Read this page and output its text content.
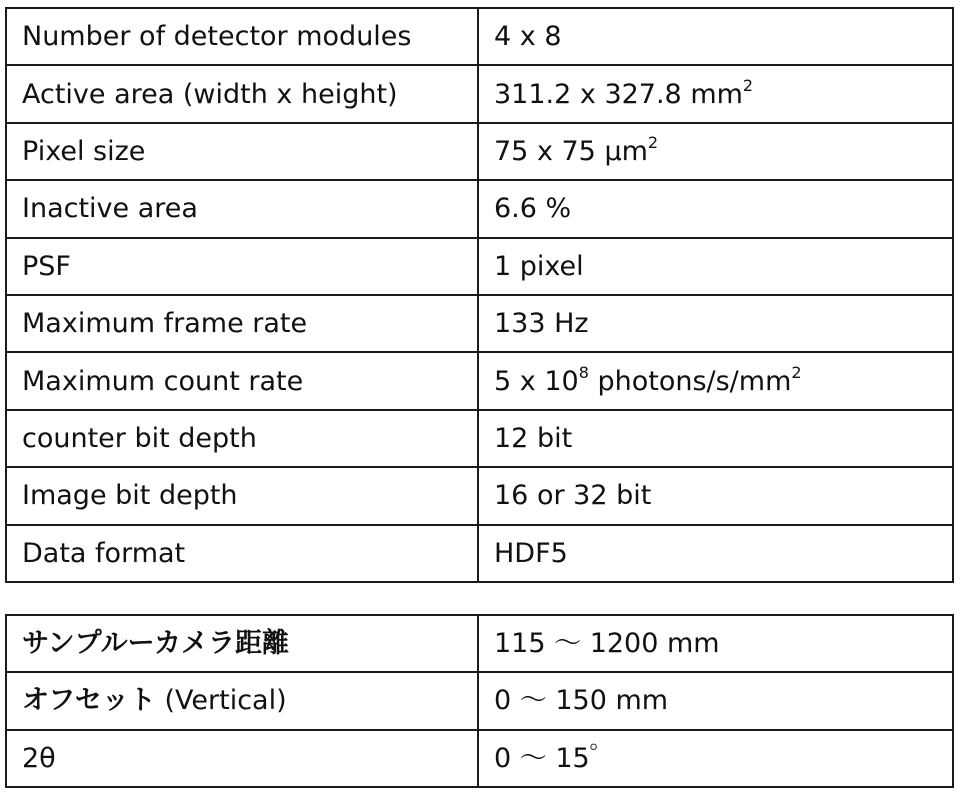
Number of detector modules	4 x 8
Active area (width x height)	311.2 x 327.8 $mm^2$
Pixel size	75 x 75 $\mu m^2$
Inactive area	6.6 %
PSF	1 pixel
Maximum frame rate	133 Hz
Maximum count rate	5 x $10^8$ photons/$s/mm^2$
counter bit depth	12 bit
Image bit depth	16 or 32 bit
Data format	HDF5
サンプルーカメラ距離	115 〜 1200 mm
オフセット (Vertical)	0 〜 150 mm
2θ	0 〜 15゜
